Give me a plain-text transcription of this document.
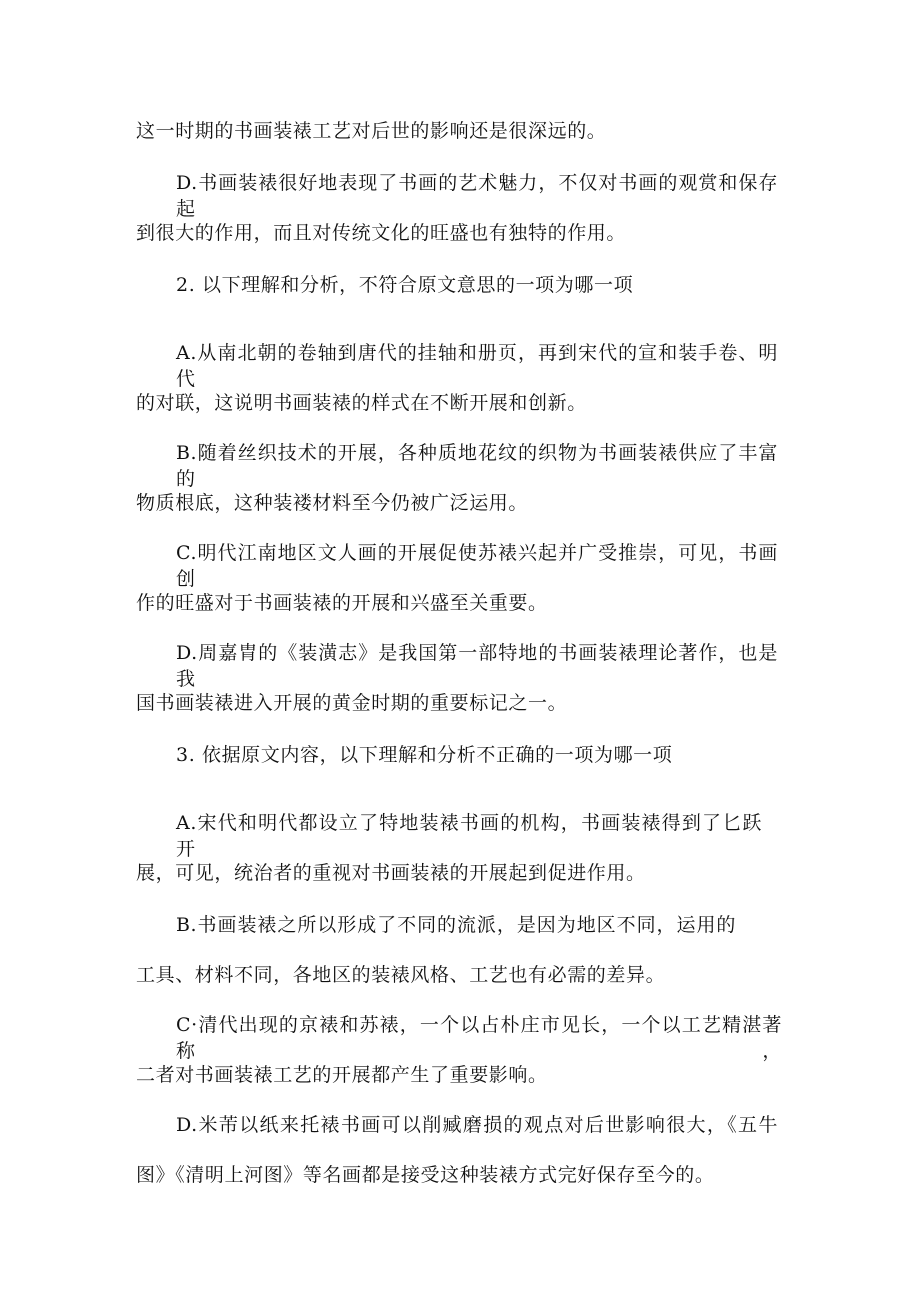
这一时期的书画装裱工艺对后世的影响还是很深远的。
D.书画装裱很好地表现了书画的艺术魅力，不仅对书画的观赏和保存起
到很大的作用，而且对传统文化的旺盛也有独特的作用。
2. 以下理解和分析，不符合原文意思的一项为哪一项
A.从南北朝的卷轴到唐代的挂轴和册页，再到宋代的宣和装手卷、明代
的对联，这说明书画装裱的样式在不断开展和创新。
B.随着丝织技术的开展，各种质地花纹的织物为书画装裱供应了丰富的
物质根底，这种装褛材料至今仍被广泛运用。
C.明代江南地区文人画的开展促使苏裱兴起并广受推崇，可见，书画创
作的旺盛对于书画装裱的开展和兴盛至关重要。
D.周嘉胄的《装潢志》是我国第一部特地的书画装裱理论著作，也是我
国书画装裱进入开展的黄金时期的重要标记之一。
3. 依据原文内容，以下理解和分析不正确的一项为哪一项
A.宋代和明代都设立了特地装裱书画的机构，书画装裱得到了匕跃开
展，可见，统治者的重视对书画装裱的开展起到促进作用。
B.书画装裱之所以形成了不同的流派，是因为地区不同，运用的
工具、材料不同，各地区的装裱风格、工艺也有必需的差异。
C·清代出现的京裱和苏裱，一个以占朴庄市见长，一个以工艺精湛著称，
二者对书画装裱工艺的开展都产生了重要影响。
D.米芾以纸来托裱书画可以削臧磨损的观点对后世影响很大，《五牛
图》《清明上河图》等名画都是接受这种装裱方式完好保存至今的。
